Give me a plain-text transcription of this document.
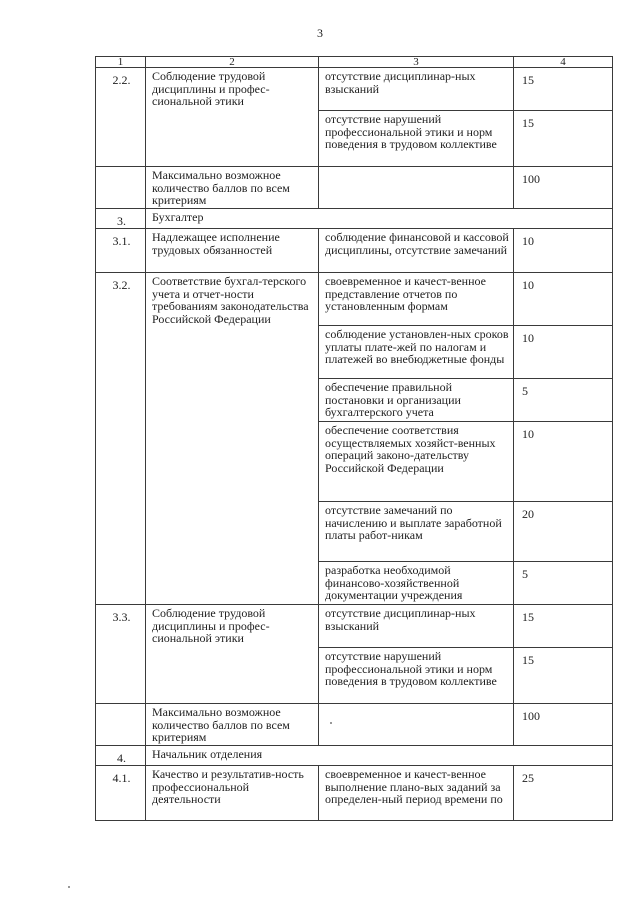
3
1	2	3	4
2.2.	Соблюдение трудовой дисциплины и профес-сиональной этики	отсутствие дисциплинар-ных взысканий	15
		отсутствие нарушений профессиональной этики и норм поведения в трудовом коллективе	15
	Максимально возможное количество баллов по всем критериям		100
3.	Бухгалтер		
3.1.	Надлежащее исполнение трудовых обязанностей	соблюдение финансовой и кассовой дисциплины, отсутствие замечаний	10
3.2.	Соответствие бухгал-терского учета и отчет-ности требованиям законодательства Российской Федерации	своевременное и качест-венное представление отчетов по установленным формам	10
		соблюдение установлен-ных сроков уплаты плате-жей по налогам и платежей во внебюджетные фонды	10
		обеспечение правильной постановки и организации бухгалтерского учета	5
		обеспечение соответствия осуществляемых хозяйст-венных операций законо-дательству Российской Федерации	10
		отсутствие замечаний по начислению и выплате заработной платы работ-никам	20
		разработка необходимой финансово-хозяйственной документации учреждения	5
3.3.	Соблюдение трудовой дисциплины и профес-сиональной этики	отсутствие дисциплинар-ных взысканий	15
		отсутствие нарушений профессиональной этики и норм поведения в трудовом коллективе	15
	Максимально возможное количество баллов по всем критериям		100
4.	Начальник отделения		
4.1.	Качество и результатив-ность профессиональной деятельности	своевременное и качест-венное выполнение плано-вых заданий за определен-ный период времени по	25
